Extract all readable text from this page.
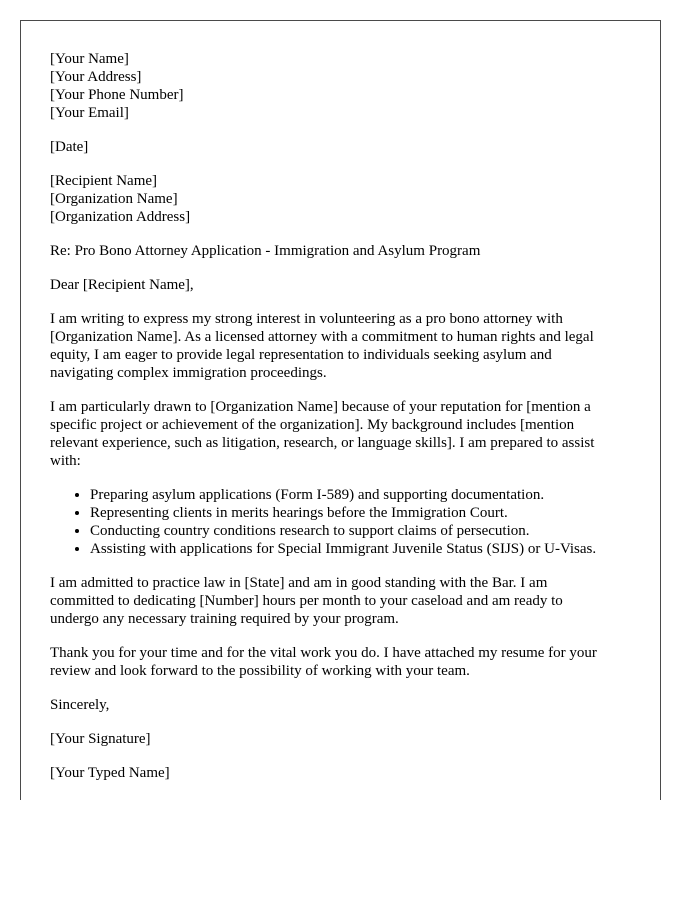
[Your Name]
[Your Address]
[Your Phone Number]
[Your Email]
[Date]
[Recipient Name]
[Organization Name]
[Organization Address]
Re: Pro Bono Attorney Application - Immigration and Asylum Program
Dear [Recipient Name],

I am writing to express my strong interest in volunteering as a pro bono attorney with
[Organization Name]. As a licensed attorney with a commitment to human rights and legal
equity, I am eager to provide legal representation to individuals seeking asylum and
navigating complex immigration proceedings.

I am particularly drawn to [Organization Name] because of your reputation for [mention a
specific project or achievement of the organization]. My background includes [mention
relevant experience, such as litigation, research, or language skills]. I am prepared to assist
with:

• Preparing asylum applications (Form I-589) and supporting documentation.
• Representing clients in merits hearings before the Immigration Court.
• Conducting country conditions research to support claims of persecution.
• Assisting with applications for Special Immigrant Juvenile Status (SIJS) or U-Visas.

I am admitted to practice law in [State] and am in good standing with the Bar. I am
committed to dedicating [Number] hours per month to your caseload and am ready to
undergo any necessary training required by your program.

Thank you for your time and for the vital work you do. I have attached my resume for your
review and look forward to the possibility of working with your team.

Sincerely,
[Your Signature]
[Your Typed Name]
